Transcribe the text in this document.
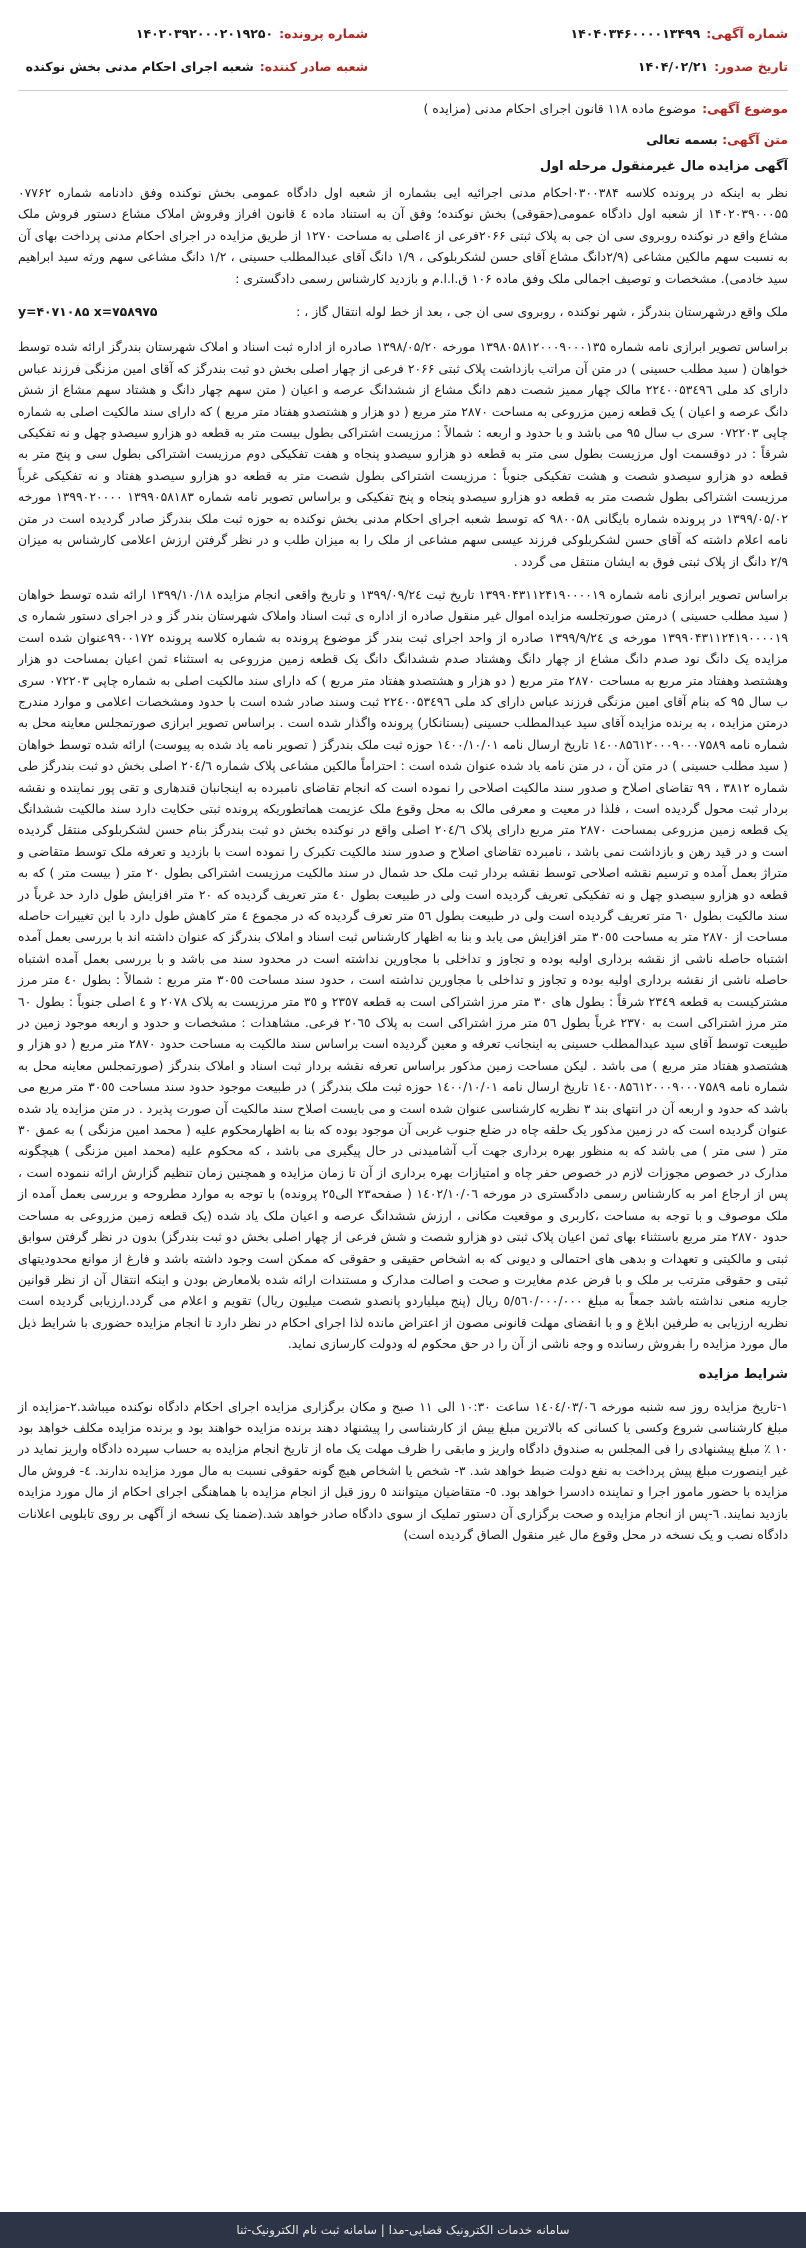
◌
شماره آگهی:
۱۴۰۴۰۳۴۶۰۰۰۰۱۳۴۹۹
شماره پرونده:
۱۴۰۲۰۳۹۲۰۰۰۲۰۱۹۲۵۰
تاریخ صدور:
۱۴۰۴/۰۲/۲۱
شعبه صادر کننده:
شعبه اجرای احکام مدنی بخش نوکنده
موضوع آگهی:
موضوع ماده ۱۱۸ قانون اجرای احکام مدنی (مزایده )
متن آگهی: بسمه تعالی
آگهی مزایده مال غیرمنقول مرحله اول

نظر به اینکه در پرونده کلاسه ۰۳۰۰۳۸۴احکام مدنی اجرائیه ایی بشماره از شعبه اول دادگاه عمومی بخش نوکنده وفق دادنامه شماره ۰۷۷۶۲ ۱۴۰۲۰۳۹۰۰۰۵۵ از شعبه اول دادگاه عمومی(حقوقی) بخش نوکنده؛ وفق آن به استناد ماده ٤ قانون افراز وفروش املاک مشاع دستور فروش ملک مشاع واقع در نوکنده روبروی سی ان جی به پلاک ثبتی ۲۰۶۶فرعی از ٤اصلی به مساحت ۱۲۷۰ از طریق مزایده در اجرای احکام مدنی پرداخت بهای آن به نسبت سهم مالکین مشاعی (۲/۹دانگ مشاع آقای حسن لشکربلوکی ، ۱/۹ دانگ آقای عبدالمطلب حسینی ، ۱/۲ دانگ مشاعی سهم ورثه سید ابراهیم سید خادمی). مشخصات و توصیف اجمالی ملک وفق ماده ۱۰۶ ق.ا.ا.م و بازدید کارشناس رسمی دادگستری :

ملک واقع درشهرستان بندرگز ، شهر نوکنده ، روبروی سی ان جی ، بعد از خط لوله انتقال گاز ، :
y=۴۰۷۱۰۸۵ x=۷۵۸۹۷۵

براساس تصویر ابرازی نامه شماره ۱۳۹۸۰۵۸۱۲۰۰۰۹۰۰۰۱۳۵ مورخه ۱۳۹۸/۰۵/۲۰ صادره از اداره ثبت اسناد و املاک شهرستان بندرگز ارائه شده توسط خواهان ( سید مطلب حسینی ) در متن آن مراتب بازداشت پلاک ثبتی ۲۰۶۶ فرعی از چهار اصلی بخش دو ثبت بندرگز که آقای امین مزنگی فرزند عباس دارای کد ملی ۲۲٤۰۰۵۳٤۹٦ مالک چهار ممیز شصت دهم دانگ مشاع از ششدانگ عرصه و اعیان ( متن سهم چهار دانگ و هشتاد سهم مشاع از شش دانگ عرصه و اعیان ) یک قطعه زمین مزروعی به مساحت ۲۸۷۰ متر مربع ( دو هزار و هشتصدو هفتاد متر مربع ) که دارای سند مالکیت اصلی به شماره چاپی ۰۷۲۲۰۳ سری ب سال ۹۵ می باشد و با حدود و اربعه : شمالاً : مرزیست اشتراکی بطول بیست متر به قطعه دو هزارو سیصدو چهل و نه تفکیکی شرقاً : در دوقسمت اول مرزیست بطول سی متر به قطعه دو هزارو سیصدو پنجاه و هفت تفکیکی دوم مرزیست اشتراکی بطول سی و پنج متر به قطعه دو هزارو سیصدو شصت و هشت تفکیکی جنوباً : مرزیست اشتراکی بطول شصت متر به قطعه دو هزارو سیصدو هفتاد و نه تفکیکی غرباً مرزیست اشتراکی بطول شصت متر به قطعه دو هزارو سیصدو پنجاه و پنج تفکیکی و براساس تصویر نامه شماره ۱۳۹۹۰۵۸۱۸۳ ۱۳۹۹۰۲۰۰۰۰ مورخه ۱۳۹۹/۰۵/۰۲ در پرونده شماره بایگانی ۹۸۰۰۵۸ که توسط شعبه اجرای احکام مدنی بخش نوکنده به حوزه ثبت ملک بندرگز صادر گردیده است در متن نامه اعلام داشته که آقای حسن لشکربلوکی فرزند عیسی سهم مشاعی از ملک را به میزان طلب و در نظر گرفتن ارزش اعلامی کارشناس به میزان ۲/۹ دانگ از پلاک ثبتی فوق به ایشان منتقل می گردد .

براساس تصویر ابرازی نامه شماره ۱۳۹۹۰۴۳۱۱۲۴۱۹۰۰۰۰۱۹ تاریخ ثبت ۱۳۹۹/۰۹/۲٤ و تاریخ واقعی انجام مزایده ۱۳۹۹/۱۰/۱۸ ارائه شده توسط خواهان ( سید مطلب حسینی ) درمتن صورتجلسه مزایده اموال غیر منقول صادره از اداره ی ثبت اسناد واملاک شهرستان بندر گز و در اجرای دستور شماره ی ۱۳۹۹۰۴۳۱۱۲۴۱۹۰۰۰۰۱۹ مورخه ی ۱۳۹۹/۹/۲٤ صادره از واحد اجرای ثبت بندر گز موضوع پرونده به شماره کلاسه پرونده ۹۹۰۰۱۷۲عنوان شده است مزایده یک دانگ نود صدم دانگ مشاع از چهار دانگ وهشتاد صدم ششدانگ دانگ یک قطعه زمین مزروعی به استثناء ثمن اعیان بمساحت دو هزار وهشتصد وهفتاد متر مربع به مساحت ۲۸۷۰ متر مربع ( دو هزار و هشتصدو هفتاد متر مربع ) که دارای سند مالکیت اصلی به شماره چاپی ۰۷۲۲۰۳ سری ب سال ۹۵ که بنام آقای امین مزنگی فرزند عباس دارای کد ملی ۲۲٤۰۰۵۳٤۹٦ ثبت وسند صادر شده است با حدود ومشخصات اعلامی و موارد مندرج درمتن مزایده ، به برنده مزایده آقای سید عبدالمطلب حسینی (بستانکار) پرونده واگذار شده است . براساس تصویر ابرازی صورتمجلس معاینه محل به شماره نامه ۱٤۰۰۸۵٦۱۲۰۰۰۹۰۰۰۷۵۸۹ تاریخ ارسال نامه ۱٤۰۰/۱۰/۰۱ حوزه ثبت ملک بندرگز ( تصویر نامه یاد شده به پیوست) ارائه شده توسط خواهان ( سید مطلب حسینی ) در متن آن ، در متن نامه یاد شده عنوان شده است : احتراماً مالکین مشاعی پلاک شماره ۲۰٤/٦ اصلی بخش دو ثبت بندرگز طی شماره ۳۸۱۲ ، ۹۹ تقاضای اصلاح و صدور سند مالکیت اصلاحی را نموده است که انجام تقاضای نامبرده به اینجانبان قندهاری و تقی پور نماینده و نقشه بردار ثبت محول گردیده است ، فلذا در معیت و معرفی مالک به محل وقوع ملک عزیمت هماتطوریکه پرونده ثبتی حکایت دارد سند مالکیت ششدانگ یک قطعه زمین مزروعی بمساحت ۲۸۷۰ متر مربع دارای پلاک ۲۰٤/٦ اصلی واقع در نوکنده بخش دو ثبت بندرگز بنام حسن لشکربلوکی منتقل گردیده است و در قید رهن و بازداشت نمی باشد ، نامبرده تقاضای اصلاح و صدور سند مالکیت تکبرک را نموده است با بازدید و تعرفه ملک توسط متقاضی و متراژ بعمل آمده و ترسیم نقشه اصلاحی توسط نقشه بردار ثبت ملک حد شمال در سند مالکیت مرزیست اشتراکی بطول ۲۰ متر ( بیست متر ) که به قطعه دو هزارو سیصدو چهل و نه تفکیکی تعریف گردیده است ولی در طبیعت بطول ٤۰ متر تعریف گردیده که ۲۰ متر افزایش طول دارد حد غرباً در سند مالکیت بطول ٦۰ متر تعریف گردیده است ولی در طبیعت بطول ٥٦ متر تعرف گردیده که در مجموع ٤ متر کاهش طول دارد با این تغییرات حاصله مساحت از ۲۸۷۰ متر به مساحت ۳۰٥٥ متر افزایش می یابد و بنا به اظهار کارشناس ثبت اسناد و املاک بندرگز که عنوان داشته اند با بررسی بعمل آمده اشتباه حاصله ناشی از نقشه برداری اولیه بوده و تجاوز و تداخلی با مجاورین نداشته است در محدود سند می باشد و با بررسی بعمل آمده اشتباه حاصله ناشی از نقشه برداری اولیه بوده و تجاوز و تداخلی با مجاورین نداشته است ، حدود سند مساحت ۳۰٥٥ متر مربع : شمالاً : بطول ٤۰ متر مرز مشترکیست به قطعه ۲۳٤۹ شرقاً : بطول های ۳۰ متر مرز اشتراکی است به قطعه ۲۳٥۷ و ۳٥ متر مرزیست به پلاک ۲۰۷۸ و ٤ اصلی جنوباً : بطول ٦۰ متر مرز اشتراکی است به ۲۳۷۰ غرباً بطول ٥٦ متر مرز اشتراکی است به پلاک ۲۰٦٥ فرعی. مشاهدات : مشخصات و حدود و اربعه موجود زمین در طبیعت توسط آقای سید عبدالمطلب حسینی به اینجانب تعرفه و معین گردیده است براساس سند مالکیت به مساحت حدود ۲۸۷۰ متر مربع ( دو هزار و هشتصدو هفتاد متر مربع ) می باشد . لیکن مساحت زمین مذکور براساس تعرفه نقشه بردار ثبت اسناد و املاک بندرگز (صورتمجلس معاینه محل به شماره نامه ۱٤۰۰۸۵٦۱۲۰۰۰۹۰۰۰۷۵۸۹ تاریخ ارسال نامه ۱٤۰۰/۱۰/۰۱ حوزه ثبت ملک بندرگز ) در طبیعت موجود حدود سند مساحت ۳۰٥٥ متر مربع می باشد که حدود و اربعه آن در انتهای بند ۳ نظریه کارشناسی عنوان شده است و می بایست اصلاح سند مالکیت آن صورت پذیرد . در متن مزایده یاد شده عنوان گردیده است که در زمین مذکور یک حلقه چاه در ضلع جنوب غربی آن موجود بوده که بنا به اظهارمحکوم علیه ( محمد امین مزنگی ) به عمق ۳۰ متر ( سی متر ) می باشد که به منظور بهره برداری جهت آب آشامیدنی در حال پیگیری می باشد ، که محکوم علیه (محمد امین مزنگی ) هیچگونه مدارک در خصوص مجوزات لازم در خصوص حفر چاه و امتیازات بهره برداری از آن تا زمان مزایده و همچنین زمان تنظیم گزارش ارائه ننموده است ، پس از ارجاع امر به کارشناس رسمی دادگستری در مورخه ۱٤۰۲/۱۰/۰٦ ( صفحه۲۳ الی۲٥ پرونده) با توجه به موارد مطروحه و بررسی بعمل آمده از ملک موصوف و با توجه به مساحت ،کاربری و موقعیت مکانی ، ارزش ششدانگ عرصه و اعیان ملک یاد شده (یک قطعه زمین مزروعی به مساحت حدود ۲۸۷۰ متر مربع باستثناء بهای ثمن اعیان پلاک ثبتی دو هزارو شصت و شش فرعی از چهار اصلی بخش دو ثبت بندرگز) بدون در نظر گرفتن سوابق ثبتی و مالکیتی و تعهدات و بدهی های احتمالی و دیونی که به اشخاص حقیقی و حقوقی که ممکن است وجود داشته باشد و فارغ از موانع محدودیتهای ثبتی و حقوقی مترتب بر ملک و با فرض عدم مغایرت و صحت و اصالت مدارک و مستندات ارائه شده بلامعارض بودن و اینکه انتقال آن از نظر قوانین جاریه منعی نداشته باشد جمعاً به مبلغ ٥/٥٦۰/۰۰۰/۰۰۰ ریال (پنج میلیاردو پانصدو شصت میلیون ریال) تقویم و اعلام می گردد.ارزیابی گردیده است نظریه ارزیابی به طرفین ابلاغ و و با انقضای مهلت قانونی مصون از اعتراض مانده لذا اجرای احکام در نظر دارد تا انجام مزایده حضوری با شرایط ذیل مال مورد مزایده را بفروش رسانده و وجه ناشی از آن را در حق محکوم له ودولت کارسازی نماید.

شرایط مزایده

۱-تاریخ مزایده روز سه شنبه مورخه ۱٤۰٤/۰۳/۰٦ ساعت ۱۰:۳۰ الی ۱۱ صبح و مکان برگزاری مزایده اجرای احکام دادگاه نوکنده میباشد.۲-مزایده از مبلغ کارشناسی شروع وکسی یا کسانی که بالاترین مبلغ بیش از کارشناسی را پیشنهاد دهند برنده مزایده خواهند بود و برنده مزایده مکلف خواهد بود ۱۰ ٪ مبلغ پیشنهادی را فی المجلس به صندوق دادگاه واریز و مابقی را ظرف مهلت یک ماه از تاریخ انجام مزایده به حساب سپرده دادگاه واریز نماید در غیر اینصورت مبلغ پیش پرداخت به نفع دولت ضبط خواهد شد. ۳- شخص یا اشخاص هیچ گونه حقوقی نسبت به مال مورد مزایده ندارند. ٤- فروش مال مزایده با حضور مامور اجرا و نماینده دادسرا خواهد بود. ٥- متقاضیان میتوانند ٥ روز قبل از انجام مزایده با هماهنگی اجرای احکام از مال مورد مزایده بازدید نمایند. ٦-پس از انجام مزایده و صحت برگزاری آن دستور تملیک از سوی دادگاه صادر خواهد شد.(ضمنا یک نسخه از آگهی بر روی تابلویی اعلانات دادگاه نصب و یک نسخه در محل وقوع مال غیر منقول الصاق گردیده است)

سامانه خدمات الکترونیک قضایی-مدا | سامانه ثبت نام الکترونیک-ثنا
